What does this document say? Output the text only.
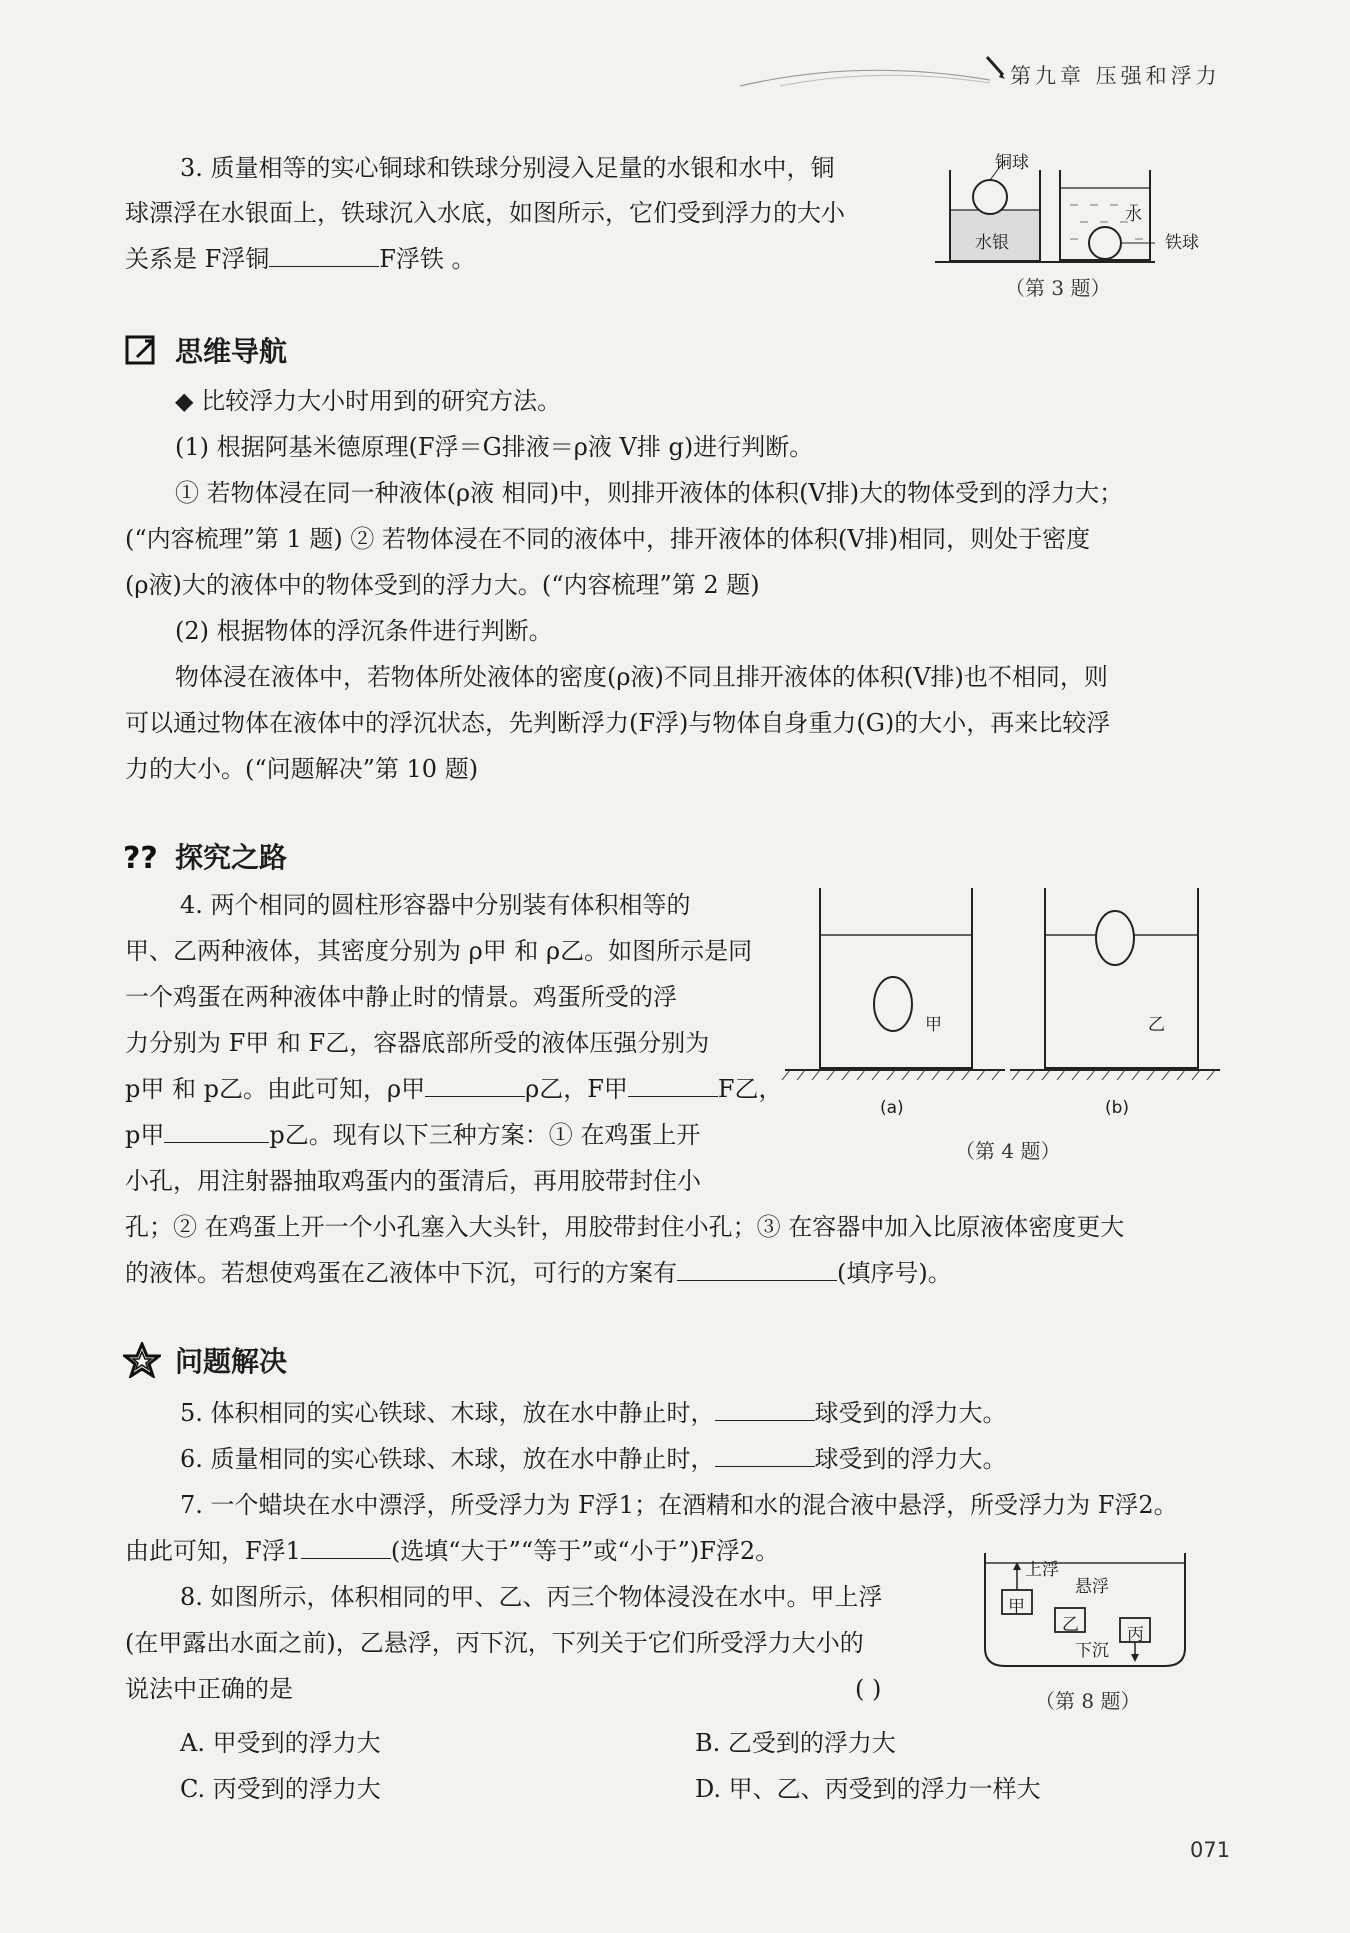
第九章 压强和浮力

3. 质量相等的实心铜球和铁球分别浸入足量的水银和水中，铜

球漂浮在水银面上，铁球沉入水底，如图所示，它们受到浮力的大小

关系是 F浮铜	F浮铁 。

铜球
水银
水
铁球
（第 3 题）
思维导航

◆ 比较浮力大小时用到的研究方法。

(1) 根据阿基米德原理(F浮＝G排液＝ρ液 V排 g)进行判断。

① 若物体浸在同一种液体(ρ液 相同)中，则排开液体的体积(V排)大的物体受到的浮力大；

(“内容梳理”第 1 题) ② 若物体浸在不同的液体中，排开液体的体积(V排)相同，则处于密度

(ρ液)大的液体中的物体受到的浮力大。(“内容梳理”第 2 题)

(2) 根据物体的浮沉条件进行判断。

物体浸在液体中，若物体所处液体的密度(ρ液)不同且排开液体的体积(V排)也不相同，则

可以通过物体在液体中的浮沉状态，先判断浮力(F浮)与物体自身重力(G)的大小，再来比较浮

力的大小。(“问题解决”第 10 题)

?? 探究之路

4. 两个相同的圆柱形容器中分别装有体积相等的

甲、乙两种液体，其密度分别为 ρ甲 和 ρ乙。如图所示是同

一个鸡蛋在两种液体中静止时的情景。鸡蛋所受的浮

力分别为 F甲 和 F乙，容器底部所受的液体压强分别为

p甲 和 p乙。由此可知，ρ甲	ρ乙，F甲	F乙，

p甲	p乙。现有以下三种方案：① 在鸡蛋上开

小孔，用注射器抽取鸡蛋内的蛋清后，再用胶带封住小

孔；② 在鸡蛋上开一个小孔塞入大头针，用胶带封住小孔；③ 在容器中加入比原液体密度更大

的液体。若想使鸡蛋在乙液体中下沉，可行的方案有	(填序号)。

甲	乙
(a)	(b)
（第 4 题）
问题解决

5. 体积相同的实心铁球、木球，放在水中静止时，	球受到的浮力大。

6. 质量相同的实心铁球、木球，放在水中静止时，	球受到的浮力大。

7. 一个蜡块在水中漂浮，所受浮力为 F浮1；在酒精和水的混合液中悬浮，所受浮力为 F浮2。

由此可知，F浮1	(选填“大于”“等于”或“小于”)F浮2。

8. 如图所示，体积相同的甲、乙、丙三个物体浸没在水中。甲上浮

(在甲露出水面之前)，乙悬浮，丙下沉，下列关于它们所受浮力大小的

说法中正确的是	( )

上浮
悬浮
下沉
甲
乙	丙
（第 8 题）
A. 甲受到的浮力大	B. 乙受到的浮力大
C. 丙受到的浮力大	D. 甲、乙、丙受到的浮力一样大
071
